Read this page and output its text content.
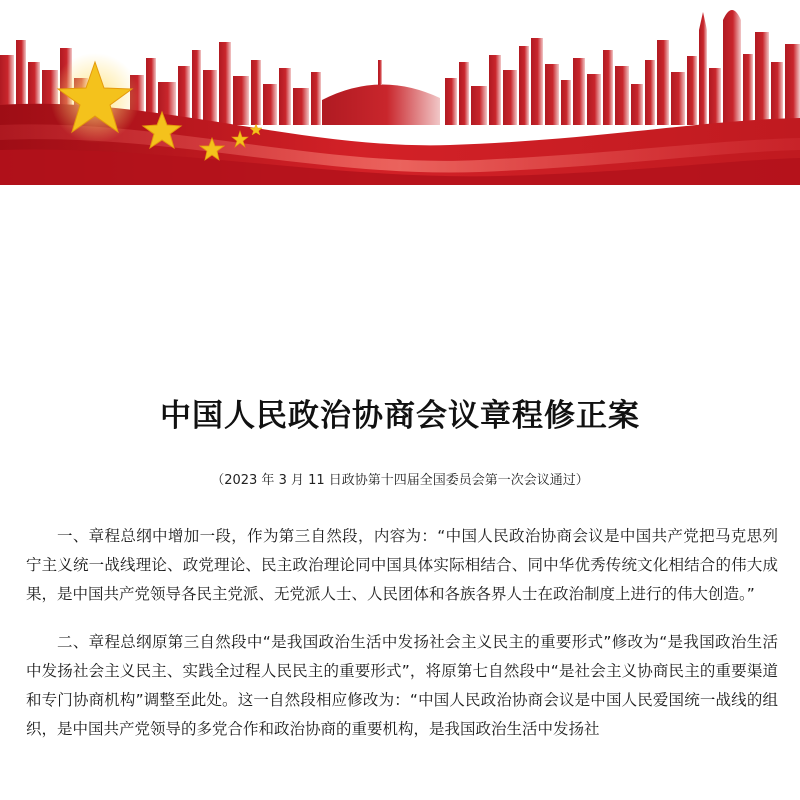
中国人民政治协商会议章程修正案

（2023 年 3 月 11 日政协第十四届全国委员会第一次会议通过）

一、章程总纲中增加一段，作为第三自然段，内容为：“中国人民政治协商会议是中国共产党把马克思列宁主义统一战线理论、政党理论、民主政治理论同中国具体实际相结合、同中华优秀传统文化相结合的伟大成果，是中国共产党领导各民主党派、无党派人士、人民团体和各族各界人士在政治制度上进行的伟大创造。”

二、章程总纲原第三自然段中“是我国政治生活中发扬社会主义民主的重要形式”修改为“是我国政治生活中发扬社会主义民主、实践全过程人民民主的重要形式”，将原第七自然段中“是社会主义协商民主的重要渠道和专门协商机构”调整至此处。这一自然段相应修改为：“中国人民政治协商会议是中国人民爱国统一战线的组织，是中国共产党领导的多党合作和政治协商的重要机构，是我国政治生活中发扬社
